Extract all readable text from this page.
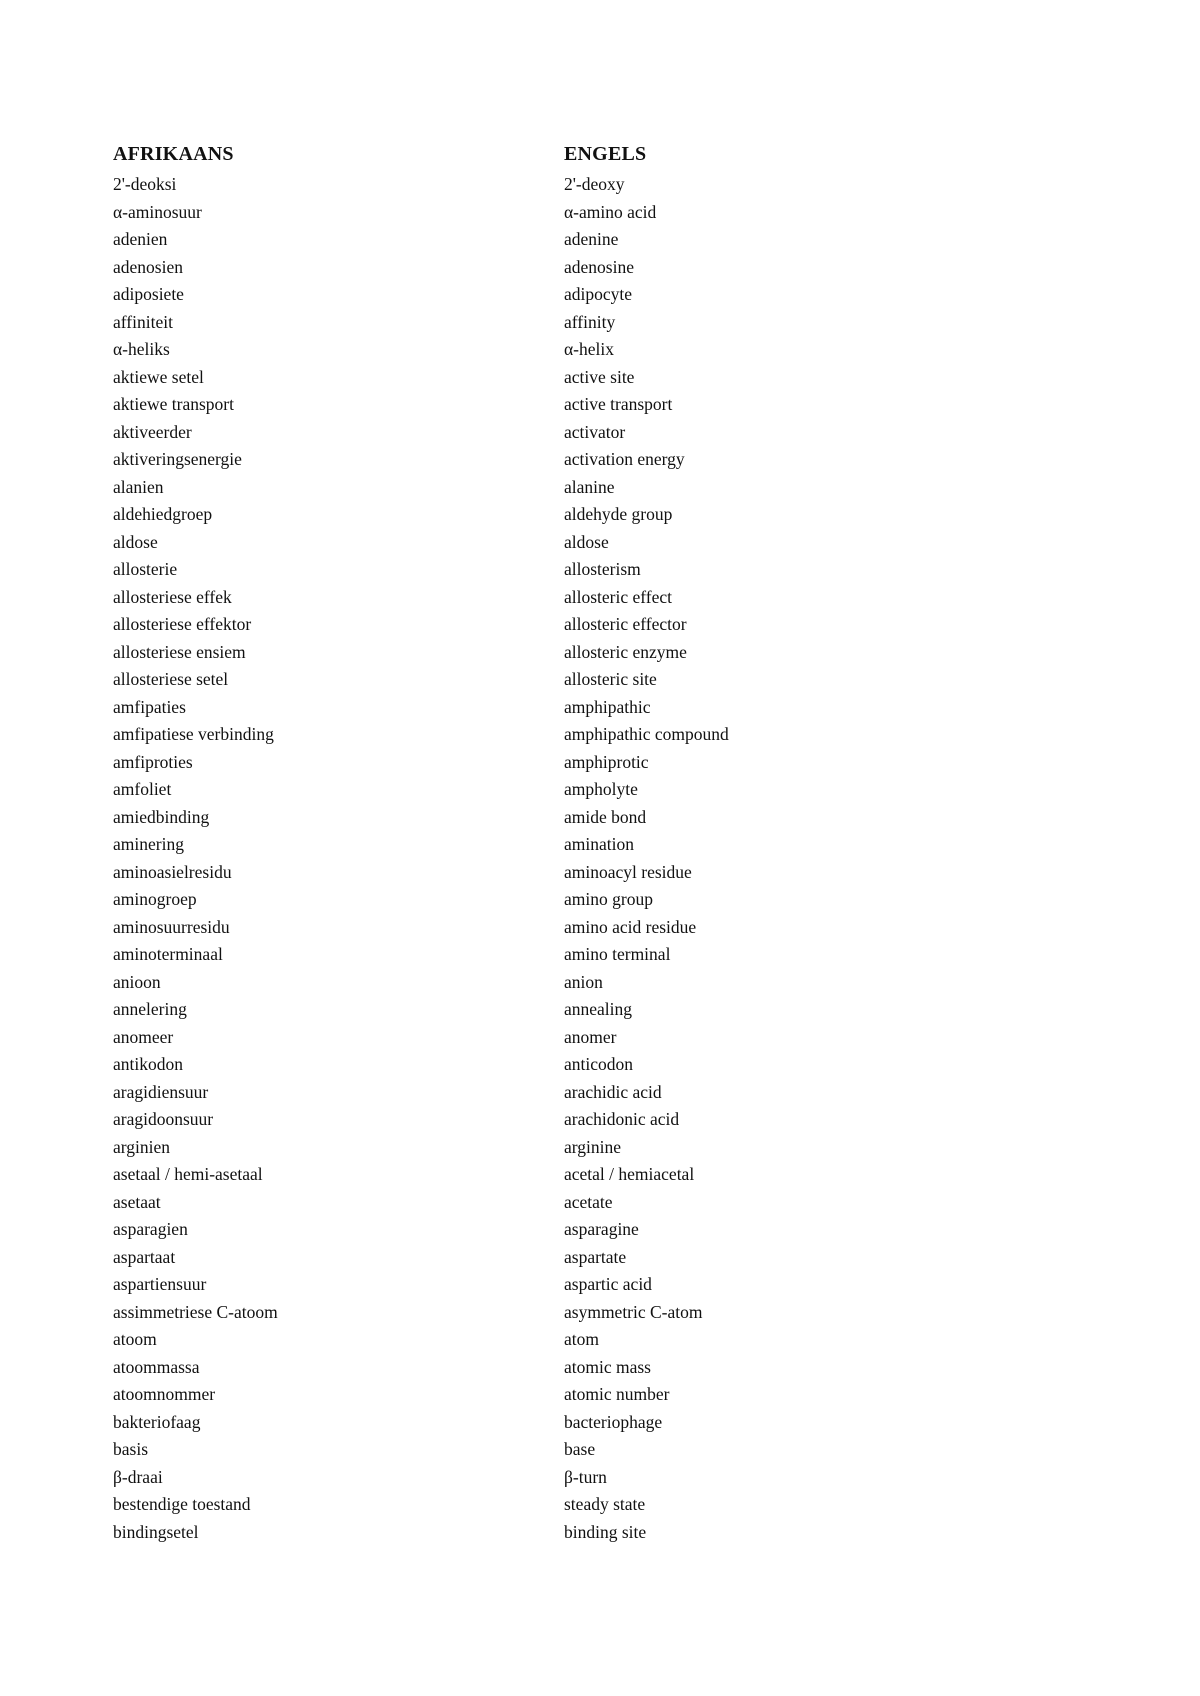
AFRIKAANS	ENGELS
2'-deoksi	2'-deoxy
α-aminosuur	α-amino acid
adenien	adenine
adenosien	adenosine
adiposiete	adipocyte
affiniteit	affinity
α-heliks	α-helix
aktiewe setel	active site
aktiewe transport	active transport
aktiveerder	activator
aktiveringsenergie	activation energy
alanien	alanine
aldehiedgroep	aldehyde group
aldose	aldose
allosterie	allosterism
allosteriese effek	allosteric effect
allosteriese effektor	allosteric effector
allosteriese ensiem	allosteric enzyme
allosteriese setel	allosteric site
amfipaties	amphipathic
amfipatiese verbinding	amphipathic compound
amfiproties	amphiprotic
amfoliet	ampholyte
amiedbinding	amide bond
aminering	amination
aminoasielresidu	aminoacyl residue
aminogroep	amino group
aminosuurresidu	amino acid residue
aminoterminaal	amino terminal
anioon	anion
annelering	annealing
anomeer	anomer
antikodon	anticodon
aragidiensuur	arachidic acid
aragidoonsuur	arachidonic acid
arginien	arginine
asetaal / hemi-asetaal	acetal / hemiacetal
asetaat	acetate
asparagien	asparagine
aspartaat	aspartate
aspartiensuur	aspartic acid
assimmetriese C-atoom	asymmetric C-atom
atoom	atom
atoommassa	atomic mass
atoomnommer	atomic number
bakteriofaag	bacteriophage
basis	base
β-draai	β-turn
bestendige toestand	steady state
bindingsetel	binding site
